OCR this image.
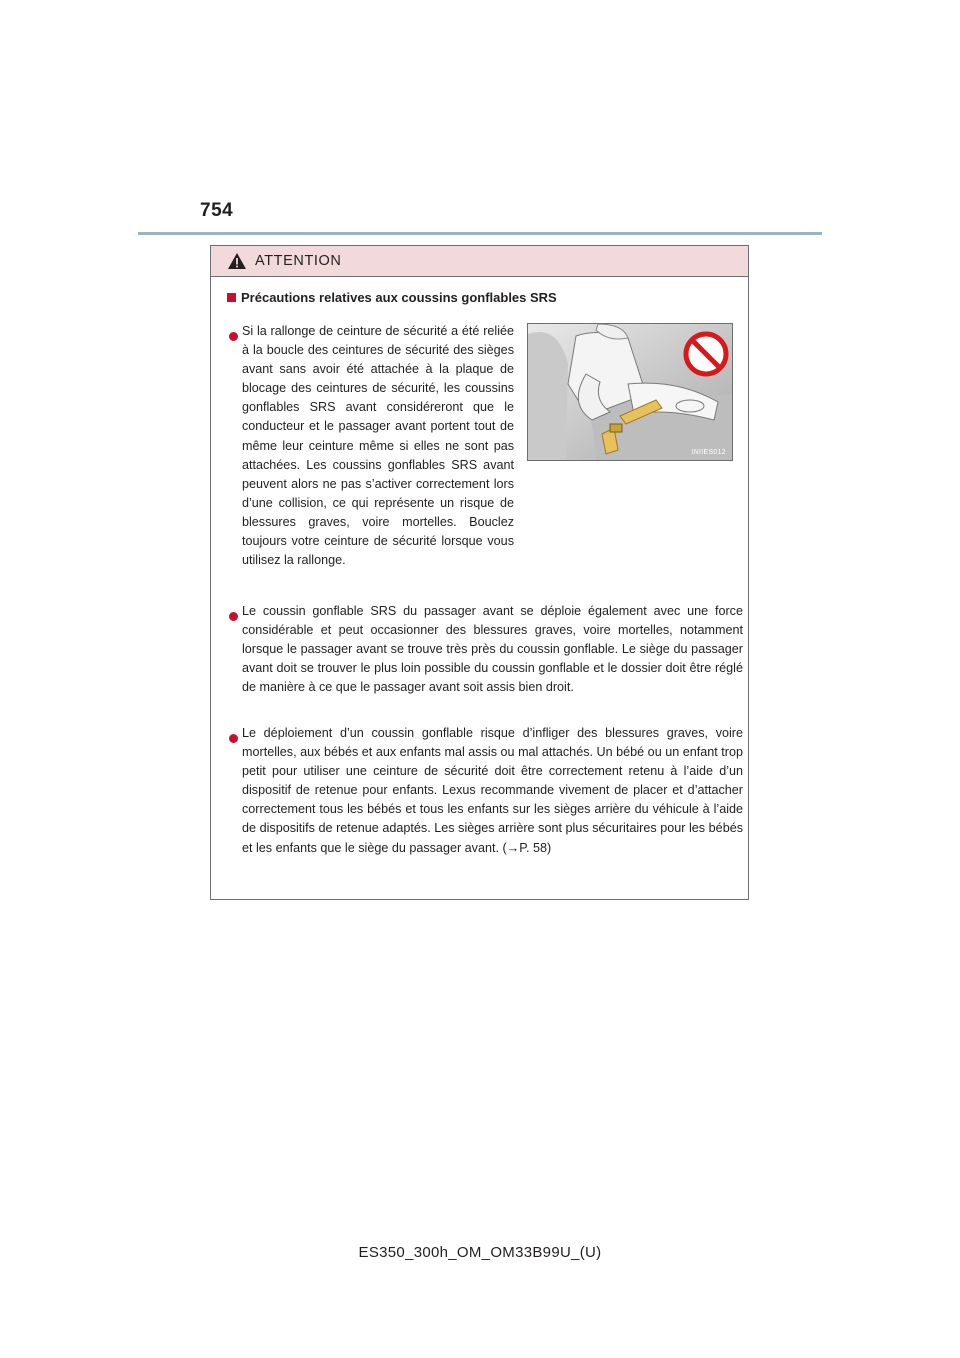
754
ATTENTION
Précautions relatives aux coussins gonflables SRS
Si la rallonge de ceinture de sécurité a été reliée à la boucle des ceintures de sécurité des sièges avant sans avoir été attachée à la plaque de blocage des ceintures de sécurité, les coussins gonflables SRS avant considéreront que le conducteur et le passager avant portent tout de même leur ceinture même si elles ne sont pas attachées. Les coussins gonflables SRS avant peuvent alors ne pas s’activer correctement lors d’une collision, ce qui représente un risque de blessures graves, voire mortelles. Bouclez toujours votre ceinture de sécurité lorsque vous utilisez la rallonge.
INIIES012
Le coussin gonflable SRS du passager avant se déploie également avec une force considérable et peut occasionner des blessures graves, voire mortelles, notamment lorsque le passager avant se trouve très près du coussin gonflable. Le siège du passager avant doit se trouver le plus loin possible du coussin gonflable et le dossier doit être réglé de manière à ce que le passager avant soit assis bien droit.
Le déploiement d’un coussin gonflable risque d’infliger des blessures graves, voire mortelles, aux bébés et aux enfants mal assis ou mal attachés. Un bébé ou un enfant trop petit pour utiliser une ceinture de sécurité doit être correctement retenu à l’aide d’un dispositif de retenue pour enfants. Lexus recommande vivement de placer et d’attacher correctement tous les bébés et tous les enfants sur les sièges arrière du véhicule à l’aide de dispositifs de retenue adaptés. Les sièges arrière sont plus sécuritaires pour les bébés et les enfants que le siège du passager avant. (→P. 58)
ES350_300h_OM_OM33B99U_(U)
